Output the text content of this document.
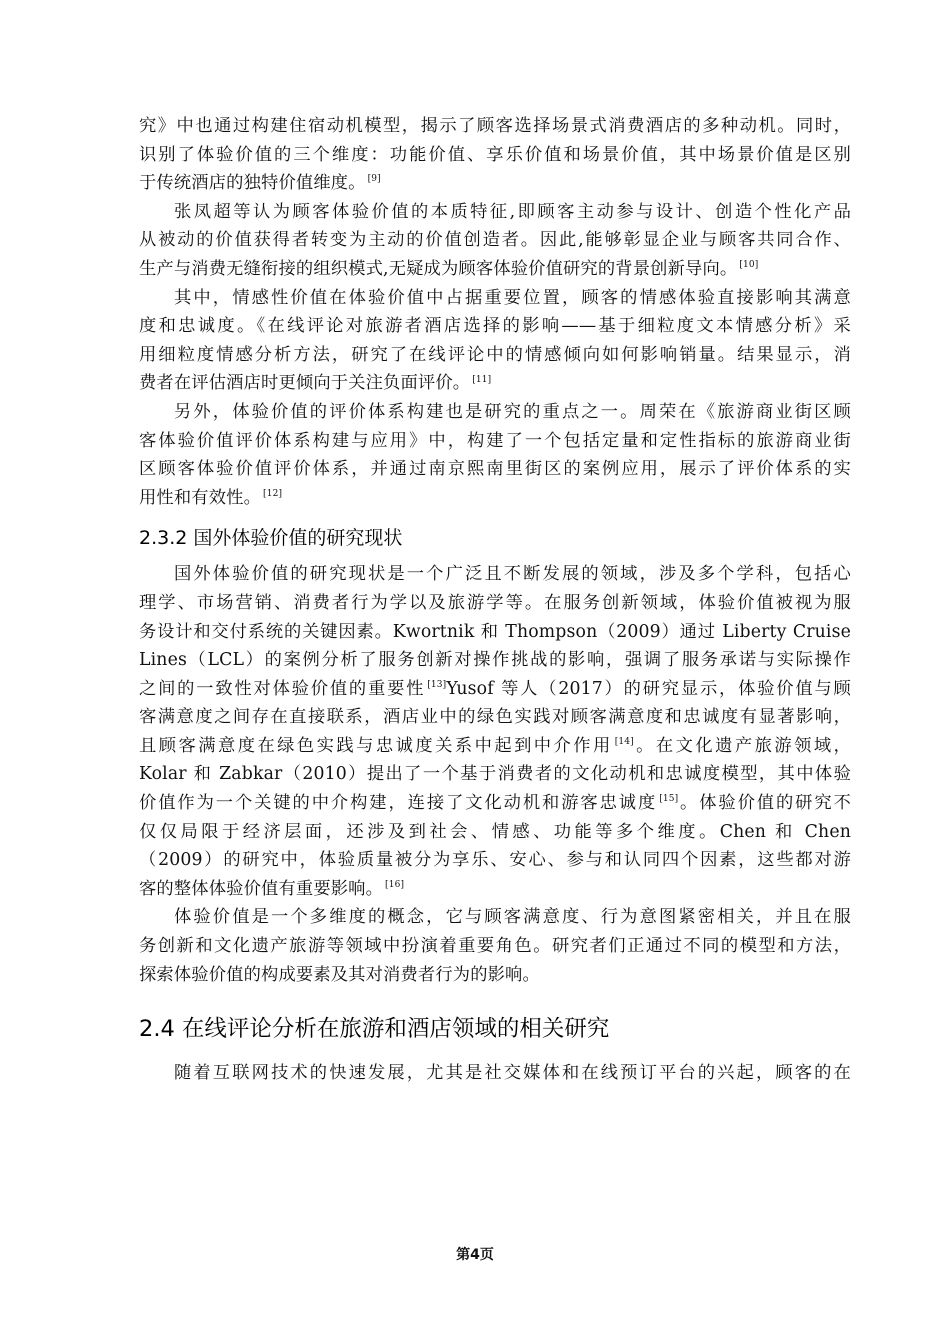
究》中也通过构建住宿动机模型，揭示了顾客选择场景式消费酒店的多种动机。同时，
识别了体验价值的三个维度：功能价值、享乐价值和场景价值，其中场景价值是区别
于传统酒店的独特价值维度。 [9]
张凤超等认为顾客体验价值的本质特征,即顾客主动参与设计、创造个性化产品
从被动的价值获得者转变为主动的价值创造者。因此,能够彰显企业与顾客共同合作、
生产与消费无缝衔接的组织模式,无疑成为顾客体验价值研究的背景创新导向。 [10]
其中，情感性价值在体验价值中占据重要位置，顾客的情感体验直接影响其满意
度和忠诚度。《在线评论对旅游者酒店选择的影响——基于细粒度文本情感分析》采
用细粒度情感分析方法，研究了在线评论中的情感倾向如何影响销量。结果显示，消
费者在评估酒店时更倾向于关注负面评价。 [11]
另外，体验价值的评价体系构建也是研究的重点之一。周荣在《旅游商业街区顾
客体验价值评价体系构建与应用》中，构建了一个包括定量和定性指标的旅游商业街
区顾客体验价值评价体系，并通过南京熙南里街区的案例应用，展示了评价体系的实
用性和有效性。 [12]
2.3.2 国外体验价值的研究现状
国外体验价值的研究现状是一个广泛且不断发展的领域，涉及多个学科，包括心
理学、市场营销、消费者行为学以及旅游学等。在服务创新领域，体验价值被视为服
务设计和交付系统的关键因素。Kwortnik 和 Thompson（2009）通过 Liberty Cruise
Lines（LCL）的案例分析了服务创新对操作挑战的影响，强调了服务承诺与实际操作
之间的一致性对体验价值的重要性 [13]Yusof 等人（2017）的研究显示，体验价值与顾
客满意度之间存在直接联系，酒店业中的绿色实践对顾客满意度和忠诚度有显著影响，
且顾客满意度在绿色实践与忠诚度关系中起到中介作用 [14]。在文化遗产旅游领域，
Kolar 和 Zabkar（2010）提出了一个基于消费者的文化动机和忠诚度模型，其中体验
价值作为一个关键的中介构建，连接了文化动机和游客忠诚度 [15]。体验价值的研究不
仅仅局限于经济层面，还涉及到社会、情感、功能等多个维度。Chen 和 Chen
（2009）的研究中，体验质量被分为享乐、安心、参与和认同四个因素，这些都对游
客的整体体验价值有重要影响。 [16]
体验价值是一个多维度的概念，它与顾客满意度、行为意图紧密相关，并且在服
务创新和文化遗产旅游等领域中扮演着重要角色。研究者们正通过不同的模型和方法，
探索体验价值的构成要素及其对消费者行为的影响。
2.4 在线评论分析在旅游和酒店领域的相关研究
随着互联网技术的快速发展，尤其是社交媒体和在线预订平台的兴起，顾客的在
第4页
